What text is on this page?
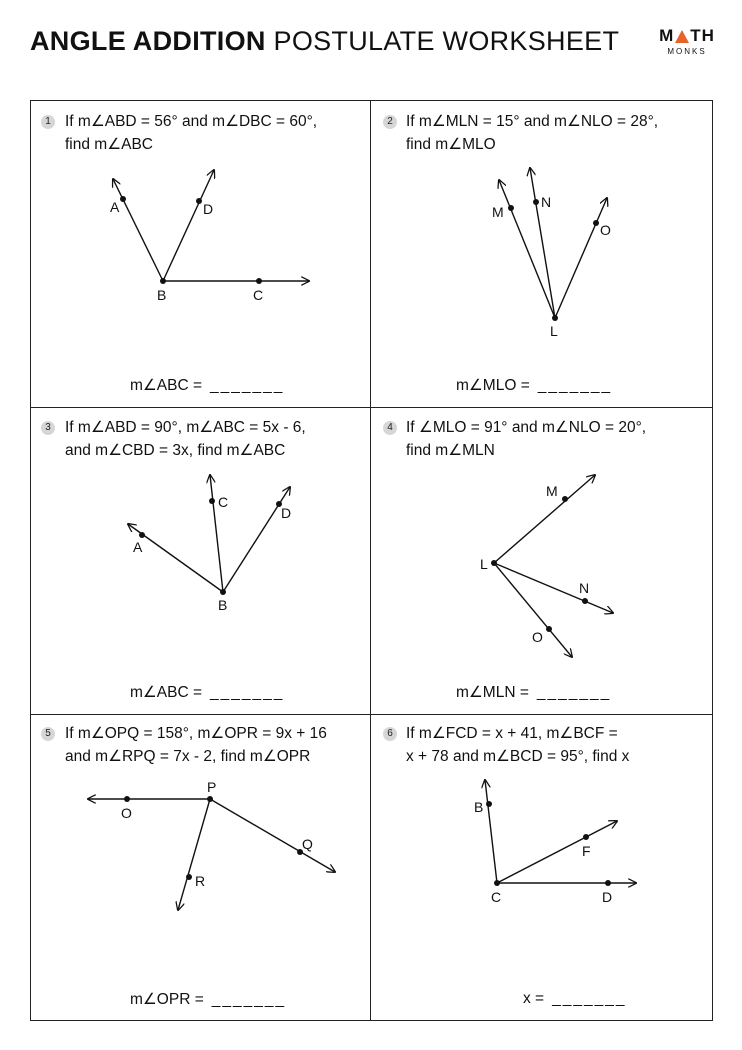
ANGLE ADDITION POSTULATE WORKSHEET M TH
MONKS
1 If m∠ABD = 56° and m∠DBC = 60°,
find m∠ABC
m∠ABC = _______
2 If m∠MLN = 15° and m∠NLO = 28°,
find m∠MLO
m∠MLO = _______
3 If m∠ABD = 90°, m∠ABC = 5x - 6,
and m∠CBD = 3x, find m∠ABC
m∠ABC = _______
4 If ∠MLO = 91° and m∠NLO = 20°,
find m∠MLN
m∠MLN = _______
5 If m∠OPQ = 158°, m∠OPR = 9x + 16
and m∠RPQ = 7x - 2, find m∠OPR
m∠OPR = _______
6 If m∠FCD = x + 41, m∠BCF =
x + 78 and m∠BCD = 95°, find x
x = _______
A	D
B	C
M
N
O
L
A
C
D
B
M
L
N
O
O
P
Q
R
B
F
C	D
